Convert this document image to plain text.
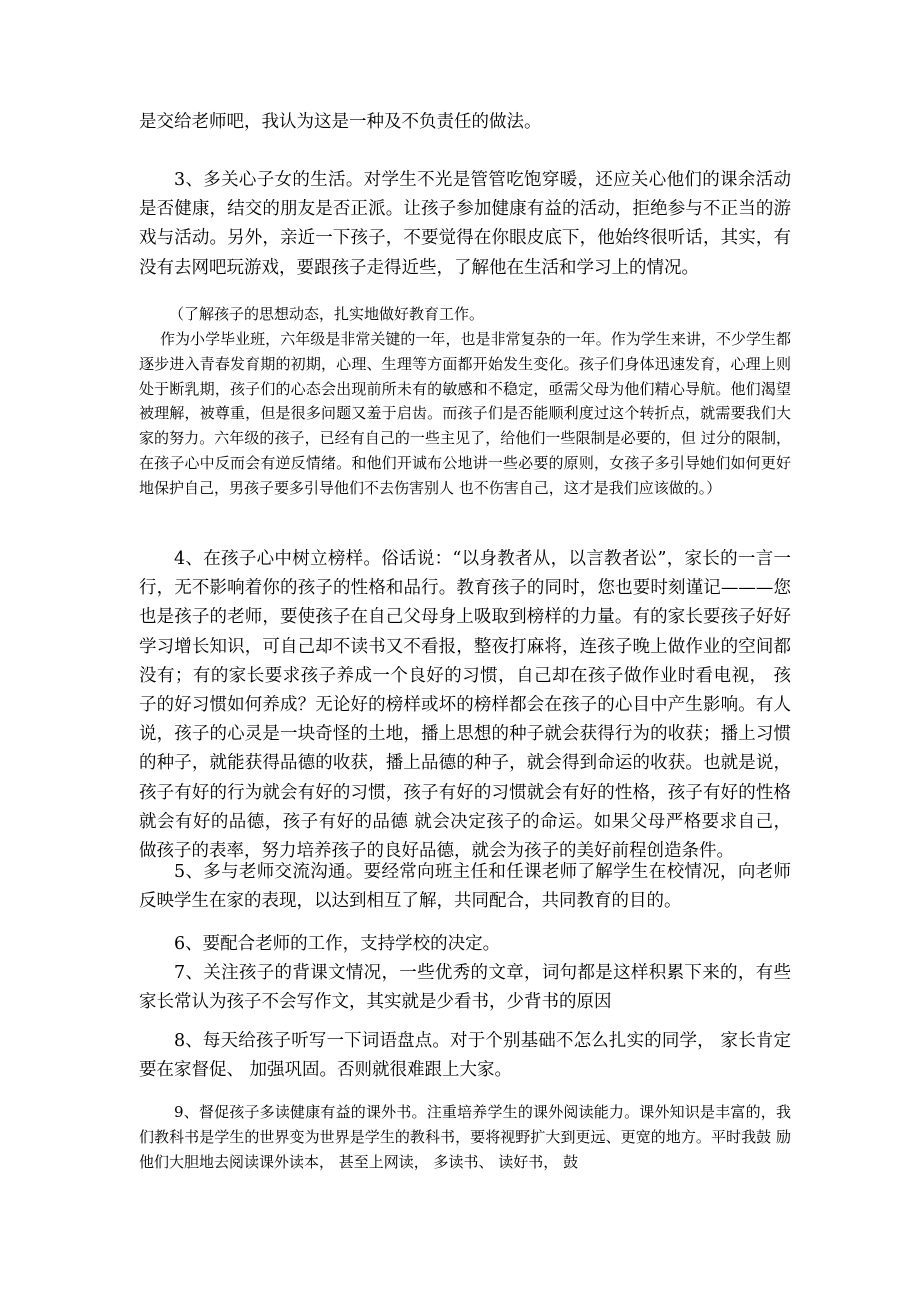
是交给老师吧，我认为这是一种及不负责任的做法。

3、多关心子女的生活。对学生不光是管管吃饱穿暖，还应关心他们的课余活动是否健康，结交的朋友是否正派。让孩子参加健康有益的活动，拒绝参与不正当的游戏与活动。另外，亲近一下孩子，不要觉得在你眼皮底下，他始终很听话，其实，有没有去网吧玩游戏，要跟孩子走得近些，了解他在生活和学习上的情况。

（了解孩子的思想动态，扎实地做好教育工作。

作为小学毕业班，六年级是非常关键的一年，也是非常复杂的一年。作为学生来讲，不少学生都逐步进入青春发育期的初期，心理、生理等方面都开始发生变化。孩子们身体迅速发育，心理上则处于断乳期，孩子们的心态会出现前所未有的敏感和不稳定，亟需父母为他们精心导航。他们渴望被理解，被尊重，但是很多问题又羞于启齿。而孩子们是否能顺利度过这个转折点，就需要我们大家的努力。六年级的孩子，已经有自己的一些主见了，给他们一些限制是必要的，但 过分的限制，在孩子心中反而会有逆反情绪。和他们开诚布公地讲一些必要的原则，女孩子多引导她们如何更好地保护自己，男孩子要多引导他们不去伤害别人 也不伤害自己，这才是我们应该做的。）

4、在孩子心中树立榜样。俗话说：“以身教者从，以言教者讼”，家长的一言一行，无不影响着你的孩子的性格和品行。教育孩子的同时，您也要时刻谨记———您也是孩子的老师，要使孩子在自己父母身上吸取到榜样的力量。有的家长要孩子好好学习增长知识，可自己却不读书又不看报，整夜打麻将，连孩子晚上做作业的空间都没有；有的家长要求孩子养成一个良好的习惯，自己却在孩子做作业时看电视， 孩子的好习惯如何养成？无论好的榜样或坏的榜样都会在孩子的心目中产生影响。有人说，孩子的心灵是一块奇怪的土地，播上思想的种子就会获得行为的收获；播上习惯的种子，就能获得品德的收获，播上品德的种子，就会得到命运的收获。也就是说，孩子有好的行为就会有好的习惯，孩子有好的习惯就会有好的性格，孩子有好的性格就会有好的品德，孩子有好的品德 就会决定孩子的命运。如果父母严格要求自己，做孩子的表率，努力培养孩子的良好品德，就会为孩子的美好前程创造条件。

5、多与老师交流沟通。要经常向班主任和任课老师了解学生在校情况，向老师反映学生在家的表现，以达到相互了解，共同配合，共同教育的目的。

6、要配合老师的工作，支持学校的决定。

7、关注孩子的背课文情况，一些优秀的文章，词句都是这样积累下来的，有些家长常认为孩子不会写作文，其实就是少看书，少背书的原因

8、每天给孩子听写一下词语盘点。对于个别基础不怎么扎实的同学， 家长肯定要在家督促、 加强巩固。否则就很难跟上大家。

9、督促孩子多读健康有益的课外书。注重培养学生的课外阅读能力。课外知识是丰富的，我们教科书是学生的世界变为世界是学生的教科书，要将视野扩大到更远、更宽的地方。平时我鼓 励他们大胆地去阅读课外读本， 甚至上网读， 多读书、 读好书， 鼓
